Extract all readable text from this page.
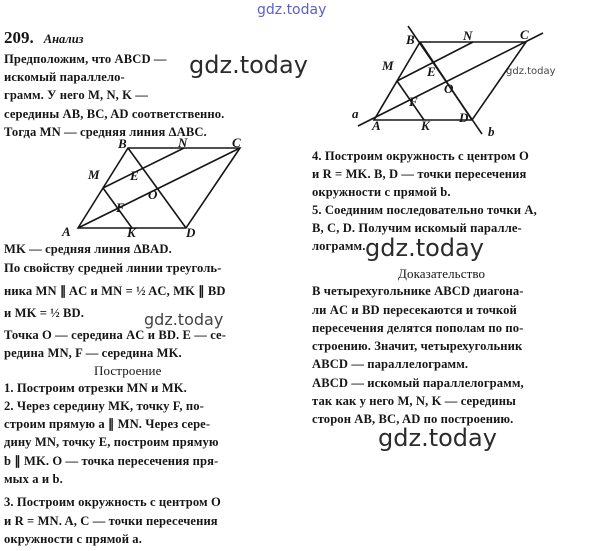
gdz.today
gdz.today
gdz.today
gdz.today
gdz.today
gdz.today
209. Анализ
Предположим, что ABCD —
искомый параллелo-
грамм. У него M, N, K —
середины AB, BC, AD соответственно.
Тогда MN — средняя линия ΔABC.
B	N	C
M E
O
F
A	K	D
MK — средняя линия ΔBAD.
По свойству средней линии треуголь-
ника MN ∥ AC и MN = ½ AC, MK ∥ BD
и MK = ½ BD.
Точка O — середина AC и BD. E — се-
редина MN, F — середина MK.
Построение
1. Построим отрезки MN и MK.
2. Через середину MK, точку F, по-
строим прямую a ∥ MN. Через сере-
дину MN, точку E, построим прямую
b ∥ MK. O — точка пересечения пря-
мых a и b.
3. Построим окружность с центром O
и R = MN. A, C — точки пересечения
окружности с прямой a.
B	N	C
M	E
O
F
a
A	K
D
b
4. Построим окружность с центром O
и R = MK. B, D — точки пересечения
окружности с прямой b.
5. Соединим последовательно точки A,
B, C, D. Получим искомый паралле-
лограмм.
Доказательство
В четырехугольнике ABCD диагона-
ли AC и BD пересекаются и точкой
пересечения делятся пополам по по-
строению. Значит, четырехугольник
ABCD — параллелограмм.
ABCD — искомый параллелограмм,
так как у него M, N, K — середины
сторон AB, BC, AD по построению.
